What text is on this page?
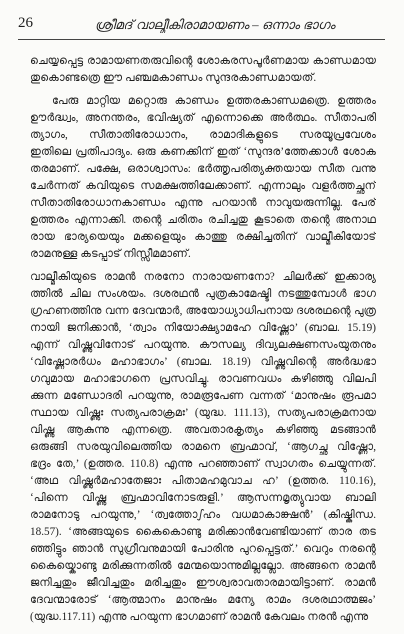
26	ശ്രീമദ് വാല്മീകിരാമായണം – ഒന്നാം ഭാഗം
ചെയ്യപ്പെട്ട രാമായണതരുവിന്റെ ശോകരസപൂർണമായ കാണ്ഡമായ
തുകൊണ്ടത്രെ ഈ പഞ്ചമകാണ്ഡം സുന്ദരകാണ്ഡമായത്.
പേരു മാറ്റിയ മറ്റൊരു കാണ്ഡം ഉത്തരകാണ്ഡമത്രെ. ഉത്തരം
ഊർദ്ധ്വം, അനന്തരം, ഭവിഷ്യത് എന്നൊക്കെ അർത്ഥം. സീതാപരി
ത്യാഗം, സീതാതിരോധാനം, രാമാദികളുടെ സരയൂപ്രവേശം
ഇതിലെ പ്രതിപാദ്യം. ഒരു കണക്കിന് ഇത് ‘സുന്ദര’ത്തേക്കാൾ ശോക
തരമാണ്. പക്ഷേ, ഒരാശ്വാസം: ഭർത്തൃപരിത്യക്തയായ സീത വന്നു
ചേർന്നത് കവിയുടെ സമക്ഷത്തിലേക്കാണ്. എന്നാലും വളർത്തച്ഛന്
സീതാതിരോധാനകാണ്ഡം എന്നു പറയാൻ നാവുയരുന്നില്ല. പേര്
ഉത്തരം എന്നാക്കി. തന്റെ ചരിതം രചിച്ചതു കൂടാതെ തന്റെ അനാഥ
രായ ഭാര്യയെയും മക്കളെയും കാത്തു രക്ഷിച്ചതിന് വാല്മീകിയോട്
രാമനുള്ള കടപ്പാട് നിസ്സീമമാണ്.
വാല്മീകിയുടെ രാമൻ നരനോ നാരായണനോ? ചിലർക്ക് ഇക്കാര്യ
ത്തിൽ ചില സംശയം. ദശരഥൻ പുത്രകാമേഷ്ടി നടത്തുമ്പോൾ ഭാഗ
ഗ്രഹണത്തിനു വന്ന ദേവന്മാർ, അയോധ്യാധിപനായ ദശരഥന്റെ പുത്ര
നായി ജനിക്കാൻ, ‘ത്വാം നിയോക്ഷ്യാമഹേ വിഷ്ണോ’ (ബാല. 15.19)
എന്ന് വിഷ്ണുവിനോട് പറയുന്നു. കൗസല്യ ദിവ്യലക്ഷണസംയുതനും
‘വിഷ്ണോരർധം മഹാഭാഗം’ (ബാല. 18.19) വിഷ്ണുവിന്റെ അർദ്ധഭാ
ഗവുമായ മഹാഭാഗനെ പ്രസവിച്ചു. രാവണവധം കഴിഞ്ഞു വിലപി
ക്കുന്ന മണ്ഡോദരി പറയുന്നു, രാമരൂപേണ വന്നത് ‘മാനുഷം രൂപമാ
സ്ഥായ വിഷ്ണുഃ സത്യപരാക്രമഃ’ (യുദ്ധ. 111.13), സത്യപരാക്രമനായ
വിഷ്ണു ആകുന്നു എന്നത്രെ. അവതാരകൃത്യം കഴിഞ്ഞു മടങ്ങാൻ
ഒരുങ്ങി സരയുവിലെത്തിയ രാമനെ ബ്രഹ്മാവ്, ‘ആഗച്ഛ വിഷ്ണോ,
ഭദ്രം തേ,’ (ഉത്തര. 110.8) എന്നു പറഞ്ഞാണ് സ്വാഗതം ചെയ്യുന്നത്.
‘അഥ വിഷ്ണുർമഹാതേജാഃ പിതാമഹമുവാച ഹ’ (ഉത്തര. 110.16),
‘പിന്നെ വിഷ്ണു ബ്രഹ്മാവിനോടരുളി.’ ആസന്നമൃത്യുവായ ബാലി
രാമനോടു പറയുന്നു,’ ‘ത്വത്തോഽഹം വധമാകാങ്ക്ഷൻ’ (കിഷ്കിന്ധ.
18.57). ‘അങ്ങയുടെ കൈകൊണ്ടു മരിക്കാൻവേണ്ടിയാണ് താര തട
ഞ്ഞിട്ടും ഞാൻ സുഗ്രീവനുമായി പോരിനു പുറപ്പെട്ടത്.’ വെറും നരന്റെ
കൈയ്കൊണ്ടു മരിക്കുന്നതിൽ മേന്മയൊന്നുമില്ലല്ലോ. അങ്ങനെ രാമൻ
ജനിച്ചതും ജീവിച്ചതും മരിച്ചതും ഈശ്വരാവതാരമായിട്ടാണ്. രാമൻ
ദേവന്മാരോട് ‘ആത്മാനം മാനുഷം മന്യേ രാമം ദശരഥാത്മജം’
(യുദ്ധ.117.11) എന്നു പറയുന്ന ഭാഗമാണ് രാമൻ കേവലം നരൻ എന്നു
